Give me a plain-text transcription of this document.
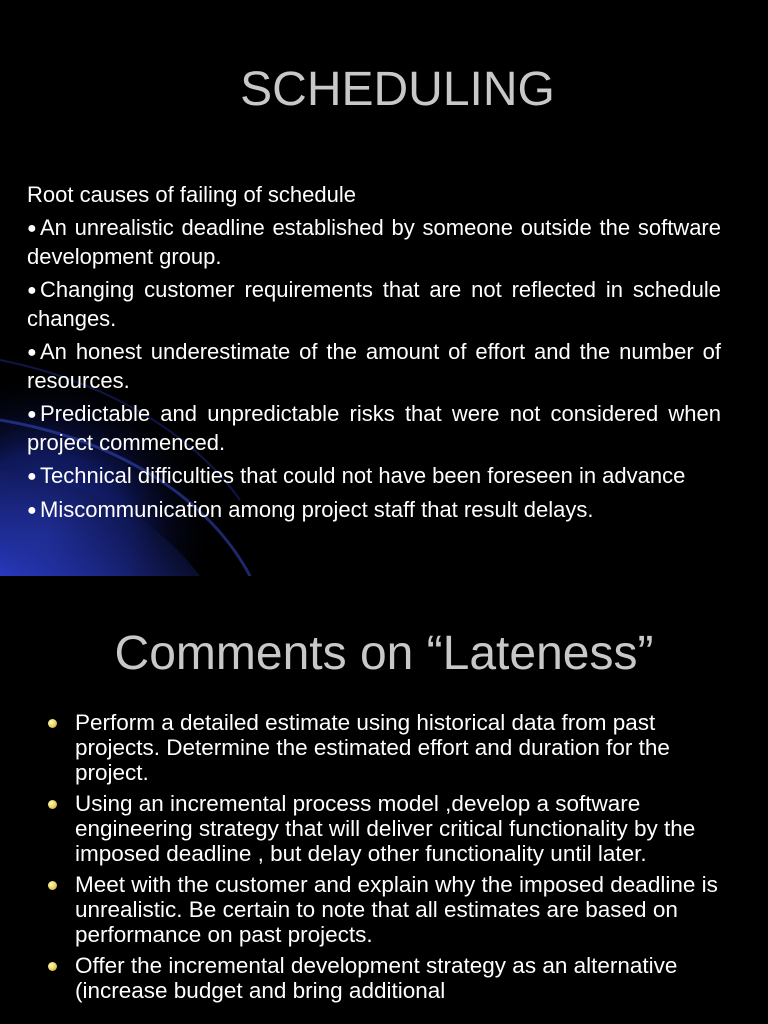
SCHEDULING
Root causes of failing of schedule
● An unrealistic deadline established by someone outside the software development group.
● Changing customer requirements that are not reflected in schedule changes.
● An honest underestimate of the amount of effort and the number of resources.
● Predictable and unpredictable risks that were not considered when project commenced.
● Technical difficulties that could not have been foreseen in advance
● Miscommunication among project staff that result delays.
Comments on “Lateness”
Perform a detailed estimate using historical data from past projects. Determine the estimated effort and duration for the project.
Using an incremental process model ,develop a software engineering strategy that will deliver critical functionality by the imposed deadline , but delay other functionality until later.
Meet with the customer and explain why the imposed deadline is unrealistic. Be certain to note that all estimates are based on performance on past projects.
Offer the incremental development strategy as an alternative (increase budget and bring additional
